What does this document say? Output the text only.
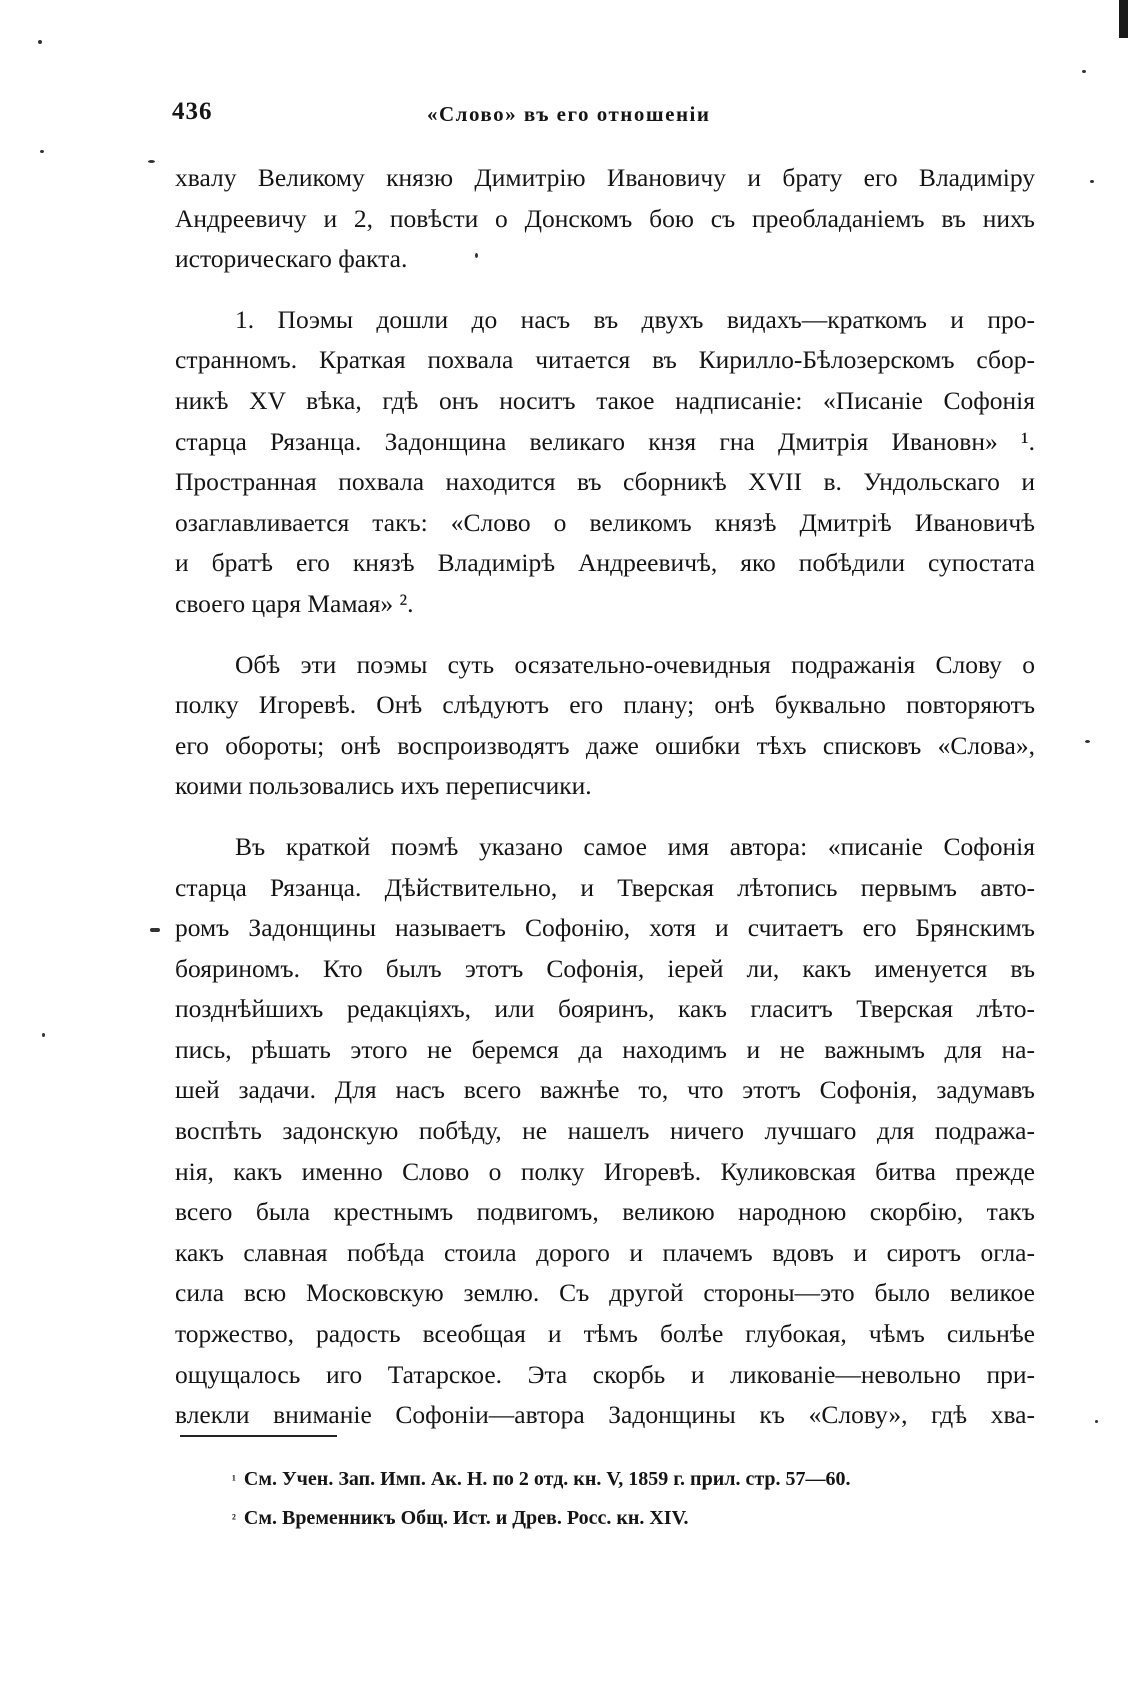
436	«Слово» въ его отношеніи
хвалу Великому князю Димитрію Ивановичу и брату его Владиміру
Андреевичу и 2, повѣсти о Донскомъ бою съ преобладаніемъ въ нихъ
историческаго факта.
1. Поэмы дошли до насъ въ двухъ видахъ—краткомъ и про-
странномъ. Краткая похвала читается въ Кирилло-Бѣлозерскомъ сбор-
никѣ XV вѣка, гдѣ онъ носитъ такое надписаніе: «Писаніе Софонія
старца Рязанца. Задонщина великаго кнзя гна Дмитрія Ивановн» ¹.
Пространная похвала находится въ сборникѣ XVII в. Ундольскаго и
озаглавливается такъ: «Слово о великомъ князѣ Дмитріѣ Ивановичѣ
и братѣ его князѣ Владимірѣ Андреевичѣ, яко побѣдили супостата
своего царя Мамая» ².
Обѣ эти поэмы суть осязательно-очевидныя подражанія Слову о
полку Игоревѣ. Онѣ слѣдуютъ его плану; онѣ буквально повторяютъ
его обороты; онѣ воспроизводятъ даже ошибки тѣхъ списковъ «Слова»,
коими пользовались ихъ переписчики.
Въ краткой поэмѣ указано самое имя автора: «писаніе Софонія
старца Рязанца. Дѣйствительно, и Тверская лѣтопись первымъ авто-
ромъ Задонщины называетъ Софонію, хотя и считаетъ его Брянскимъ
бояриномъ. Кто былъ этотъ Софонія, іерей ли, какъ именуется въ
позднѣйшихъ редакціяхъ, или бояринъ, какъ гласитъ Тверская лѣто-
пись, рѣшать этого не беремся да находимъ и не важнымъ для на-
шей задачи. Для насъ всего важнѣе то, что этотъ Софонія, задумавъ
воспѣть задонскую побѣду, не нашелъ ничего лучшаго для подража-
нія, какъ именно Слово о полку Игоревѣ. Куликовская битва прежде
всего была крестнымъ подвигомъ, великою народною скорбію, такъ
какъ славная побѣда стоила дорого и плачемъ вдовъ и сиротъ огла-
сила всю Московскую землю. Съ другой стороны—это было великое
торжество, радость всеобщая и тѣмъ болѣе глубокая, чѣмъ сильнѣе
ощущалось иго Татарское. Эта скорбь и ликованіе—невольно при-
влекли вниманіе Софоніи—автора Задонщины къ «Слову», гдѣ хва-
$^{^1}$ См. Учен. Зап. Имп. Ак. Н. по 2 отд. кн. V, 1859 г. прил. стр. 57—60.
$^{^2}$ См. Временникъ Общ. Ист. и Древ. Росс. кн. XIV.
